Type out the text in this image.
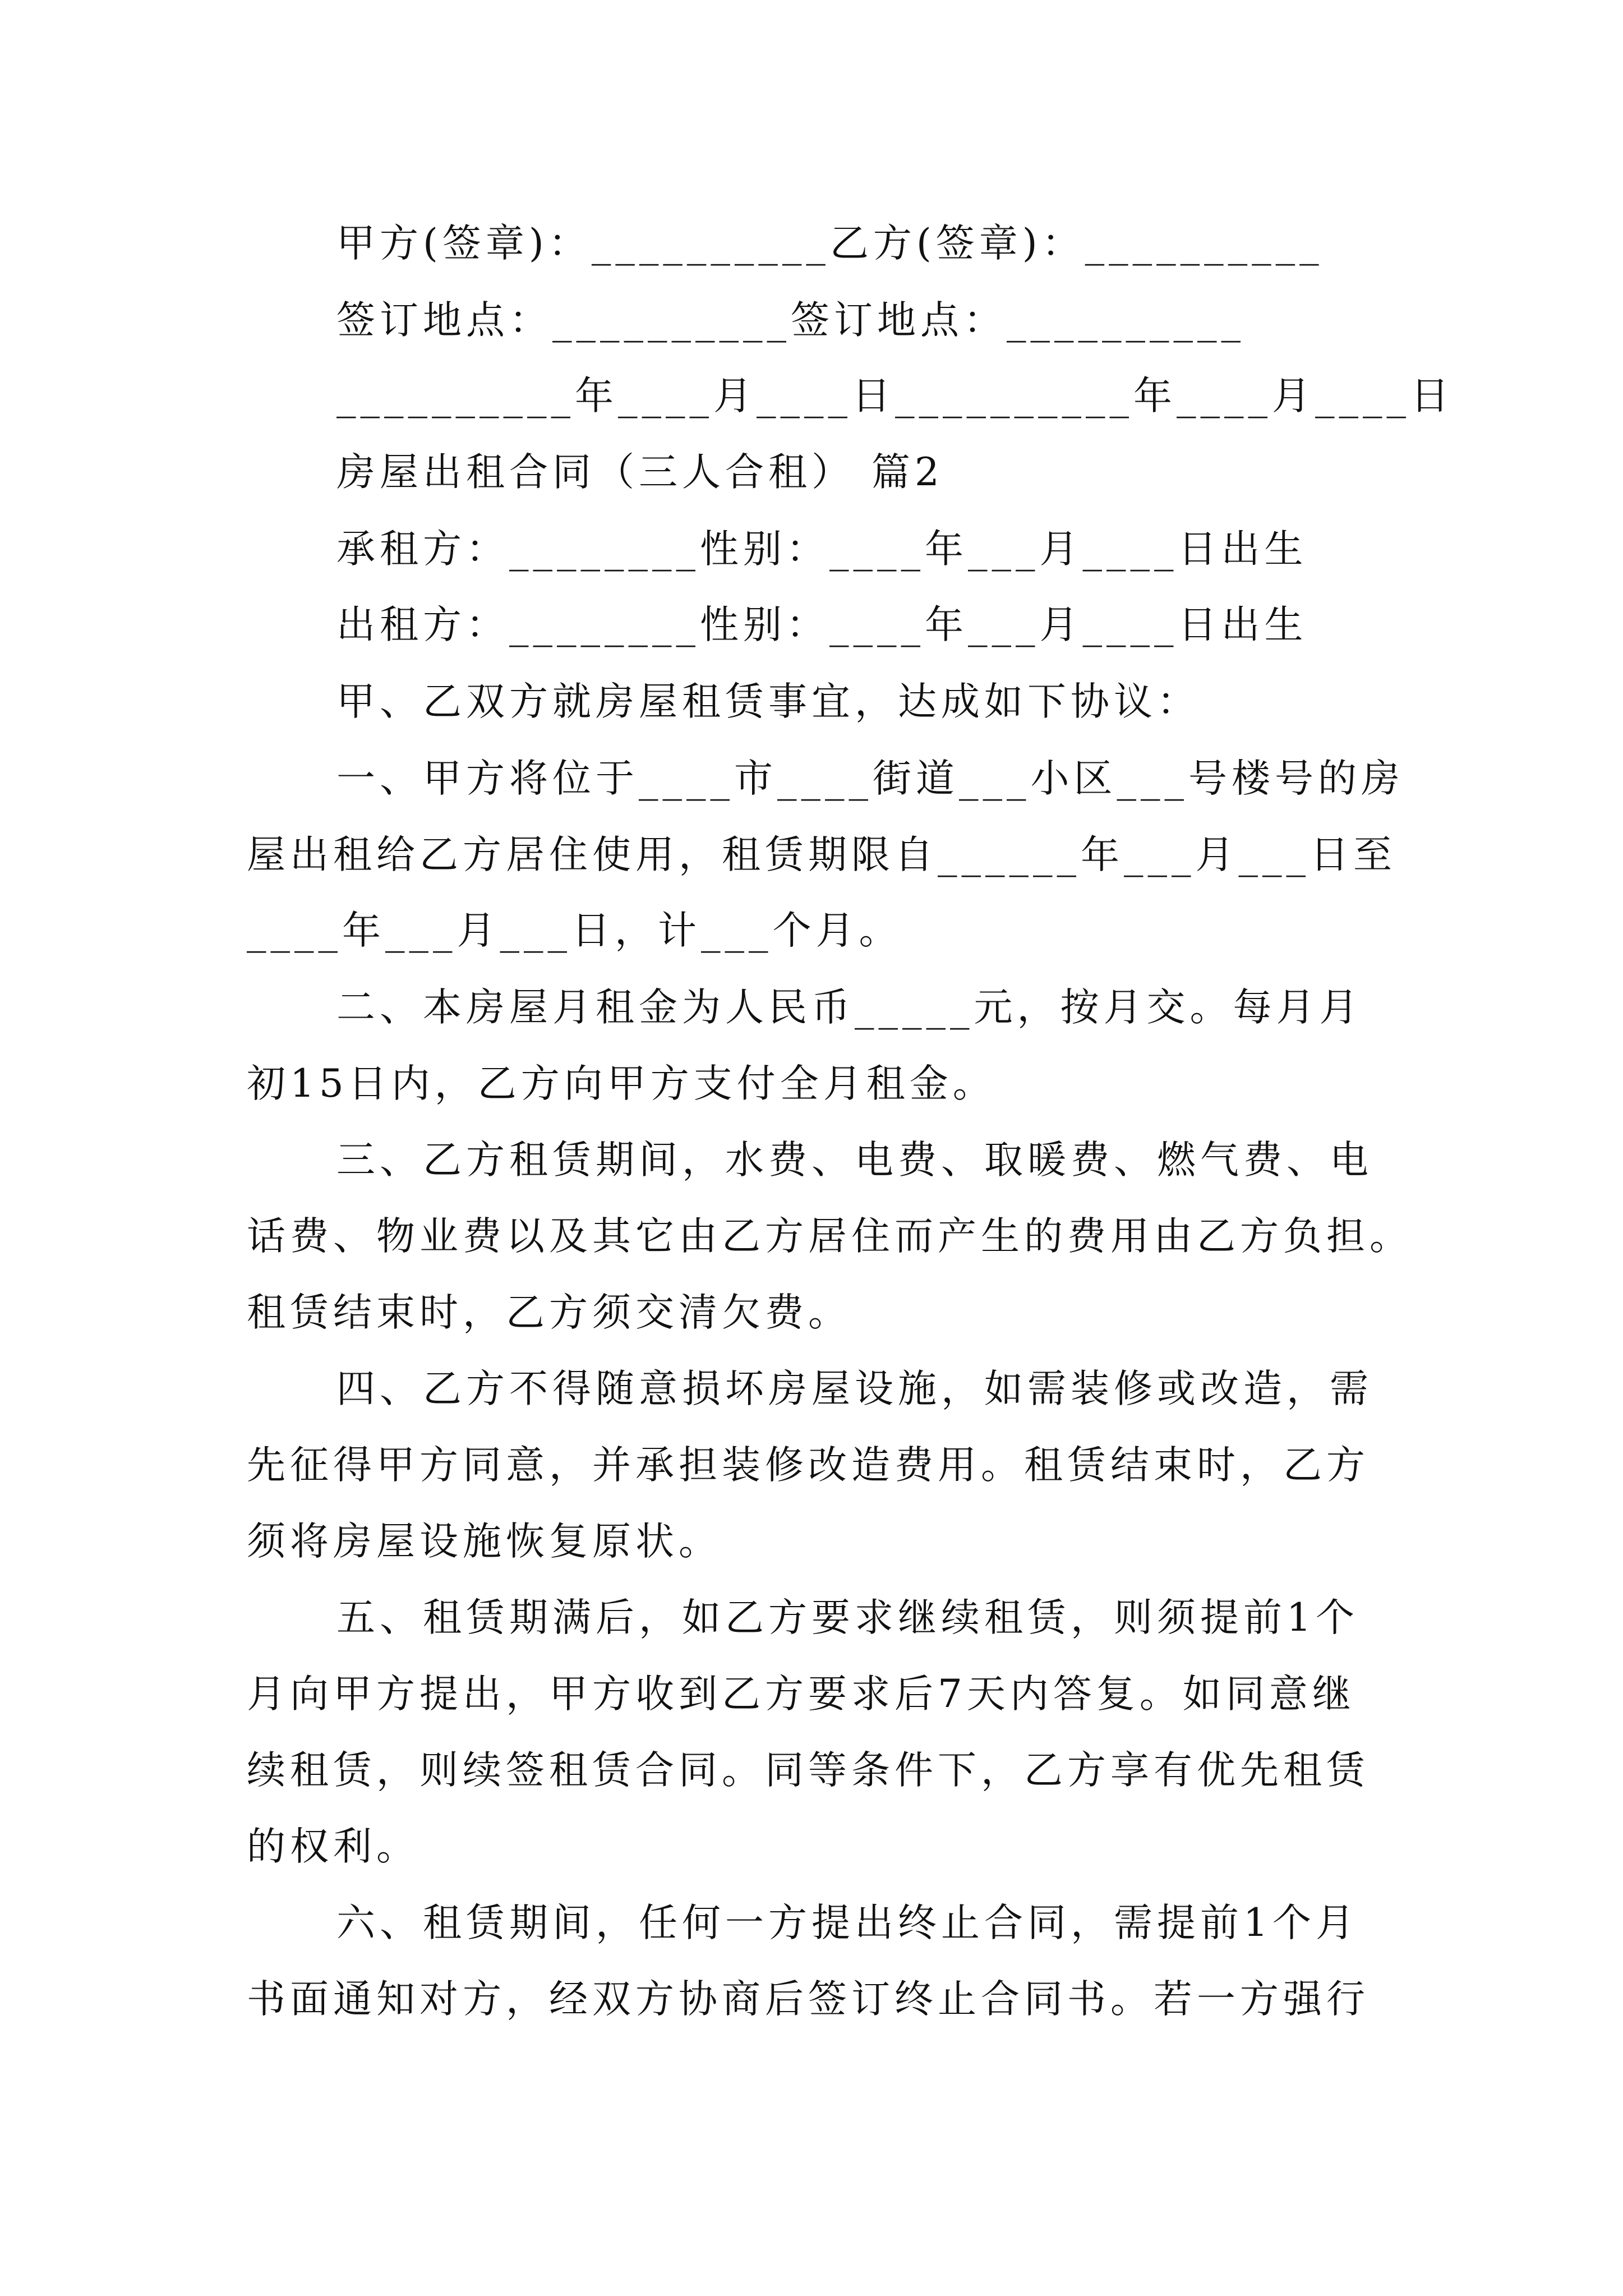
甲方(签章)：__________乙方(签章)：__________
签订地点：__________签订地点：__________
__________年____月____日__________年____月____日
房屋出租合同（三人合租） 篇2
承租方：________性别：____年___月____日出生
出租方：________性别：____年___月____日出生
甲、乙双方就房屋租赁事宜，达成如下协议：
一、甲方将位于____市____街道___小区___号楼号的房
屋出租给乙方居住使用，租赁期限自______年___月___日至
____年___月___日，计___个月。
二、本房屋月租金为人民币_____元，按月交。每月月
初15日内，乙方向甲方支付全月租金。
三、乙方租赁期间，水费、电费、取暖费、燃气费、电
话费、物业费以及其它由乙方居住而产生的费用由乙方负担。
租赁结束时，乙方须交清欠费。
四、乙方不得随意损坏房屋设施，如需装修或改造，需
先征得甲方同意，并承担装修改造费用。租赁结束时，乙方
须将房屋设施恢复原状。
五、租赁期满后，如乙方要求继续租赁，则须提前1个
月向甲方提出，甲方收到乙方要求后7天内答复。如同意继
续租赁，则续签租赁合同。同等条件下，乙方享有优先租赁
的权利。
六、租赁期间，任何一方提出终止合同，需提前1个月
书面通知对方，经双方协商后签订终止合同书。若一方强行
